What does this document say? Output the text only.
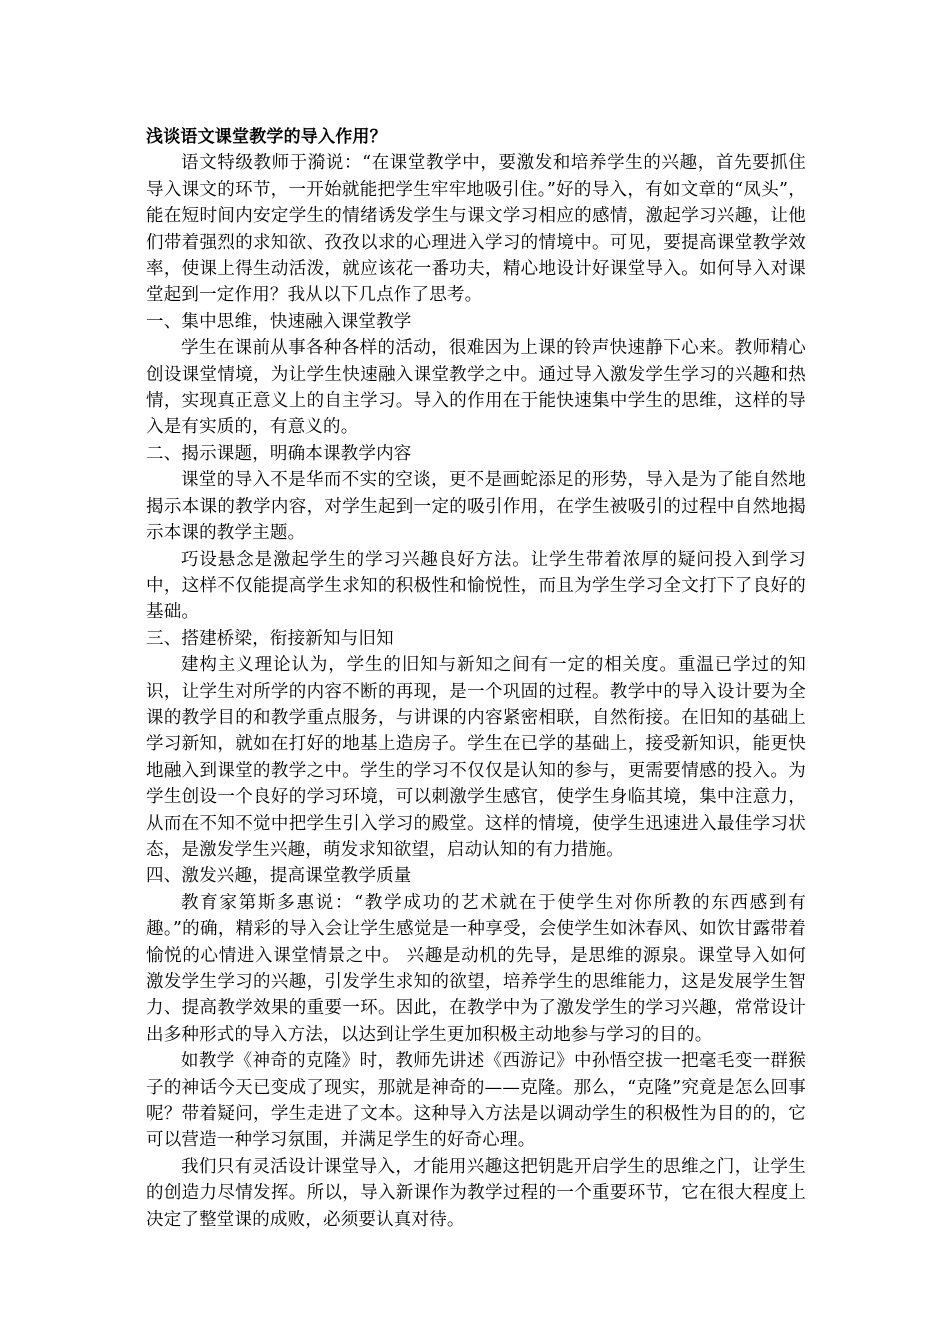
浅谈语文课堂教学的导入作用？

语文特级教师于漪说：“在课堂教学中，要激发和培养学生的兴趣，首先要抓住导入课文的环节，一开始就能把学生牢牢地吸引住。”好的导入，有如文章的“凤头”，能在短时间内安定学生的情绪诱发学生与课文学习相应的感情，激起学习兴趣，让他们带着强烈的求知欲、孜孜以求的心理进入学习的情境中。可见，要提高课堂教学效率，使课上得生动活泼，就应该花一番功夫，精心地设计好课堂导入。如何导入对课堂起到一定作用？我从以下几点作了思考。

一、集中思维，快速融入课堂教学

学生在课前从事各种各样的活动，很难因为上课的铃声快速静下心来。教师精心创设课堂情境，为让学生快速融入课堂教学之中。通过导入激发学生学习的兴趣和热情，实现真正意义上的自主学习。导入的作用在于能快速集中学生的思维，这样的导入是有实质的，有意义的。

二、揭示课题，明确本课教学内容

课堂的导入不是华而不实的空谈，更不是画蛇添足的形势，导入是为了能自然地揭示本课的教学内容，对学生起到一定的吸引作用，在学生被吸引的过程中自然地揭示本课的教学主题。

巧设悬念是激起学生的学习兴趣良好方法。让学生带着浓厚的疑问投入到学习中，这样不仅能提高学生求知的积极性和愉悦性，而且为学生学习全文打下了良好的基础。

三、搭建桥梁，衔接新知与旧知

建构主义理论认为，学生的旧知与新知之间有一定的相关度。重温已学过的知识，让学生对所学的内容不断的再现，是一个巩固的过程。教学中的导入设计要为全课的教学目的和教学重点服务，与讲课的内容紧密相联，自然衔接。在旧知的基础上学习新知，就如在打好的地基上造房子。学生在已学的基础上，接受新知识，能更快地融入到课堂的教学之中。学生的学习不仅仅是认知的参与，更需要情感的投入。为学生创设一个良好的学习环境，可以刺激学生感官，使学生身临其境，集中注意力，从而在不知不觉中把学生引入学习的殿堂。这样的情境，使学生迅速进入最佳学习状态，是激发学生兴趣，萌发求知欲望，启动认知的有力措施。

四、激发兴趣，提高课堂教学质量

教育家第斯多惠说：“教学成功的艺术就在于使学生对你所教的东西感到有趣。”的确，精彩的导入会让学生感觉是一种享受，会使学生如沐春风、如饮甘露带着愉悦的心情进入课堂情景之中。 兴趣是动机的先导，是思维的源泉。课堂导入如何激发学生学习的兴趣，引发学生求知的欲望，培养学生的思维能力，这是发展学生智力、提高教学效果的重要一环。因此，在教学中为了激发学生的学习兴趣，常常设计出多种形式的导入方法，以达到让学生更加积极主动地参与学习的目的。

如教学《神奇的克隆》时，教师先讲述《西游记》中孙悟空拔一把毫毛变一群猴子的神话今天已变成了现实，那就是神奇的——克隆。那么，“克隆”究竟是怎么回事呢？带着疑问，学生走进了文本。这种导入方法是以调动学生的积极性为目的的，它可以营造一种学习氛围，并满足学生的好奇心理。

我们只有灵活设计课堂导入，才能用兴趣这把钥匙开启学生的思维之门，让学生的创造力尽情发挥。所以，导入新课作为教学过程的一个重要环节，它在很大程度上决定了整堂课的成败，必须要认真对待。
